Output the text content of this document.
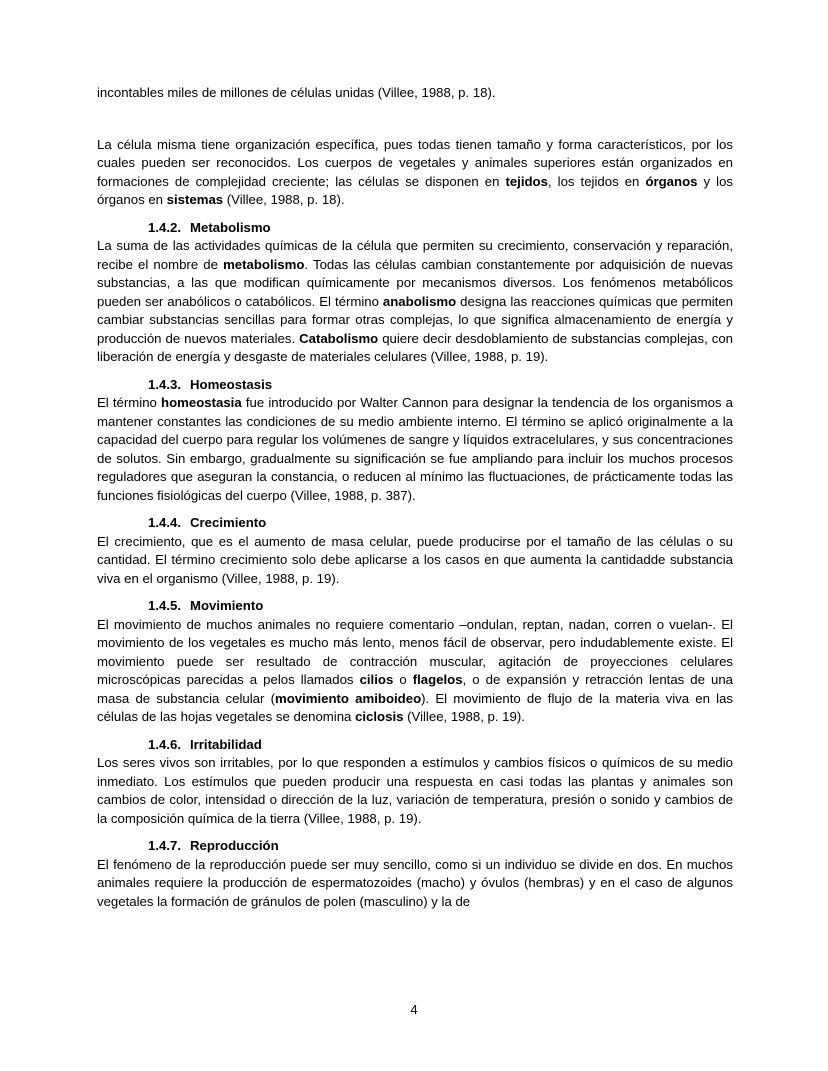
incontables miles de millones de células unidas (Villee, 1988, p. 18).

La célula misma tiene organización específica, pues todas tienen tamaño y forma característicos, por los cuales pueden ser reconocidos. Los cuerpos de vegetales y animales superiores están organizados en formaciones de complejidad creciente; las células se disponen en tejidos, los tejidos en órganos y los órganos en sistemas (Villee, 1988, p. 18).

1.4.2. Metabolismo

La suma de las actividades químicas de la célula que permiten su crecimiento, conservación y reparación, recibe el nombre de metabolismo. Todas las células cambian constantemente por adquisición de nuevas substancias, a las que modifican químicamente por mecanismos diversos. Los fenómenos metabólicos pueden ser anabólicos o catabólicos. El término anabolismo designa las reacciones químicas que permiten cambiar substancias sencillas para formar otras complejas, lo que significa almacenamiento de energía y producción de nuevos materiales. Catabolismo quiere decir desdoblamiento de substancias complejas, con liberación de energía y desgaste de materiales celulares (Villee, 1988, p. 19).

1.4.3. Homeostasis

El término homeostasia fue introducido por Walter Cannon para designar la tendencia de los organismos a mantener constantes las condiciones de su medio ambiente interno. El término se aplicó originalmente a la capacidad del cuerpo para regular los volúmenes de sangre y líquidos extracelulares, y sus concentraciones de solutos. Sin embargo, gradualmente su significación se fue ampliando para incluir los muchos procesos reguladores que aseguran la constancia, o reducen al mínimo las fluctuaciones, de prácticamente todas las funciones fisiológicas del cuerpo (Villee, 1988, p. 387).

1.4.4. Crecimiento

El crecimiento, que es el aumento de masa celular, puede producirse por el tamaño de las células o su cantidad. El término crecimiento solo debe aplicarse a los casos en que aumenta la cantidadde substancia viva en el organismo (Villee, 1988, p. 19).

1.4.5. Movimiento

El movimiento de muchos animales no requiere comentario –ondulan, reptan, nadan, corren o vuelan-. El movimiento de los vegetales es mucho más lento, menos fácil de observar, pero indudablemente existe. El movimiento puede ser resultado de contracción muscular, agitación de proyecciones celulares microscópicas parecidas a pelos llamados cilios o flagelos, o de expansión y retracción lentas de una masa de substancia celular (movimiento amiboideo). El movimiento de flujo de la materia viva en las células de las hojas vegetales se denomina ciclosis (Villee, 1988, p. 19).

1.4.6. Irritabilidad

Los seres vivos son irritables, por lo que responden a estímulos y cambios físicos o químicos de su medio inmediato. Los estímulos que pueden producir una respuesta en casi todas las plantas y animales son cambios de color, intensidad o dirección de la luz, variación de temperatura, presión o sonido y cambios de la composición química de la tierra (Villee, 1988, p. 19).

1.4.7. Reproducción

El fenómeno de la reproducción puede ser muy sencillo, como si un individuo se divide en dos. En muchos animales requiere la producción de espermatozoides (macho) y óvulos (hembras) y en el caso de algunos vegetales la formación de gránulos de polen (masculino) y la de

4
